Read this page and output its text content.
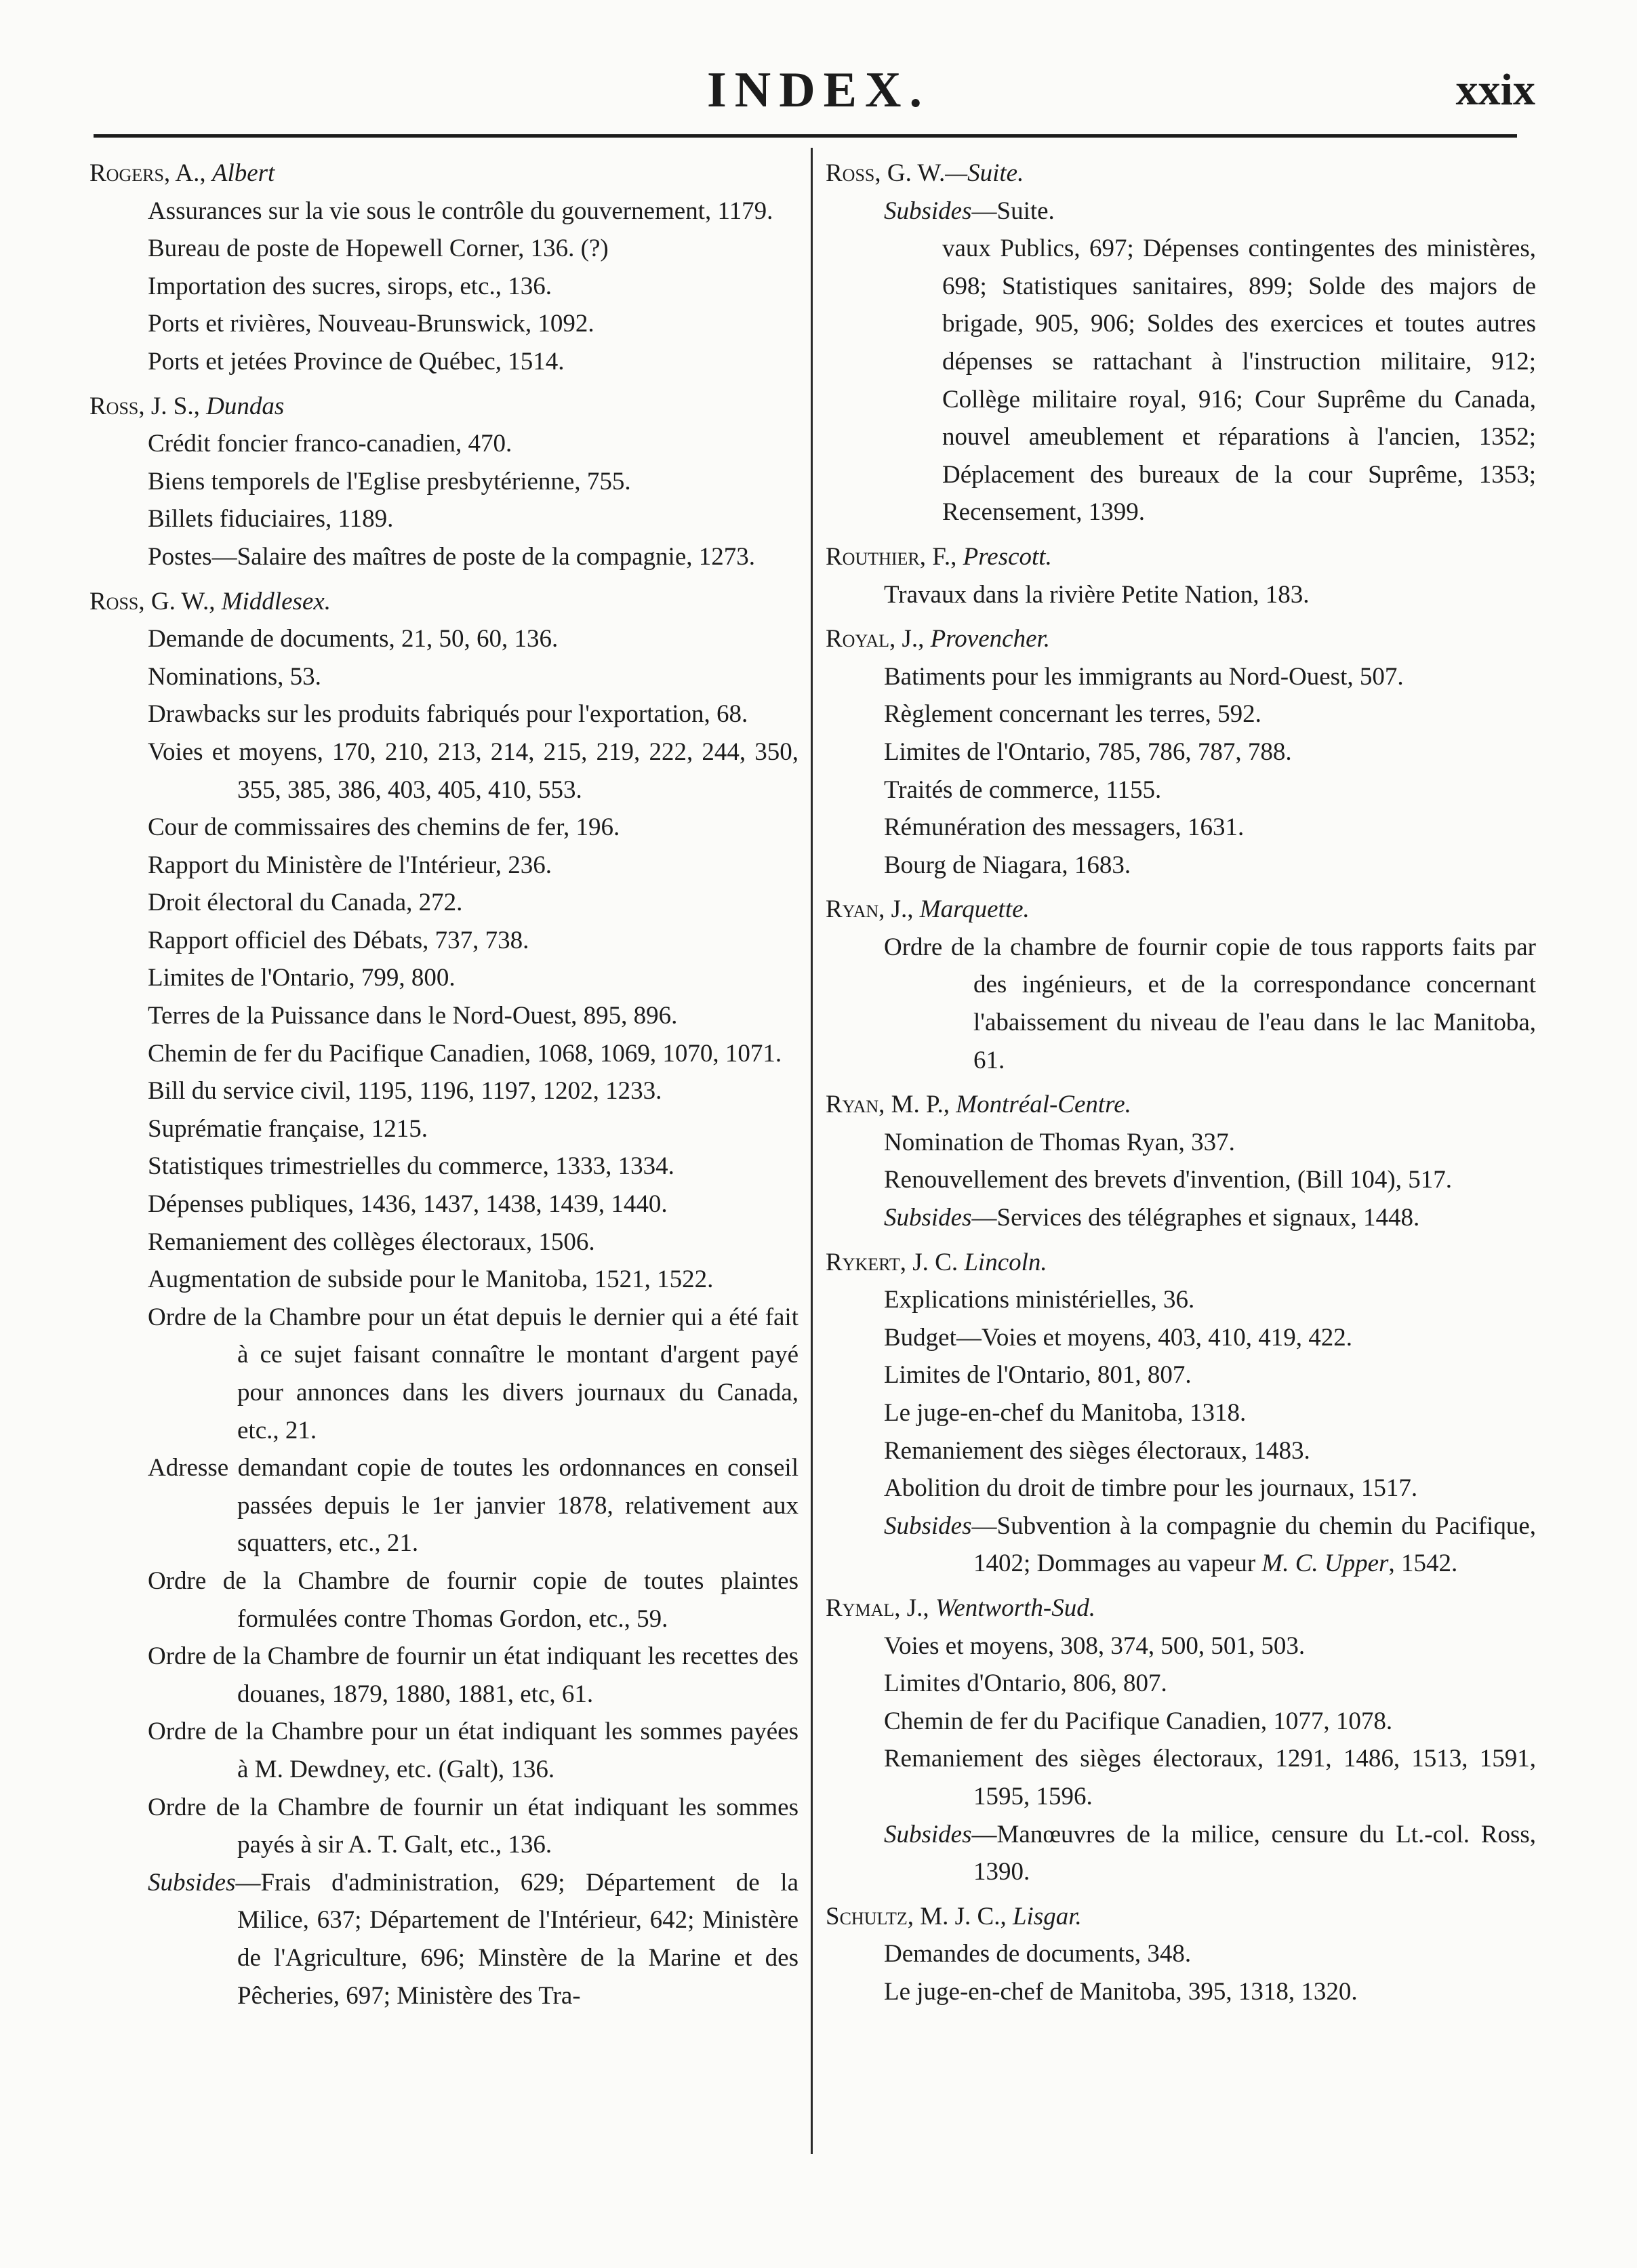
INDEX.	xxix
Rogers, A., Albert
Assurances sur la vie sous le contrôle du gouvernement, 1179.
Bureau de poste de Hopewell Corner, 136. (?)
Importation des sucres, sirops, etc., 136.
Ports et rivières, Nouveau-Brunswick, 1092.
Ports et jetées Province de Québec, 1514.
Ross, J. S., Dundas
Crédit foncier franco-canadien, 470.
Biens temporels de l'Eglise presbytérienne, 755.
Billets fiduciaires, 1189.
Postes—Salaire des maîtres de poste de la compagnie, 1273.
Ross, G. W., Middlesex.
Demande de documents, 21, 50, 60, 136.
Nominations, 53.
Drawbacks sur les produits fabriqués pour l'exportation, 68.
Voies et moyens, 170, 210, 213, 214, 215, 219, 222, 244, 350, 355, 385, 386, 403, 405, 410, 553.
Cour de commissaires des chemins de fer, 196.
Rapport du Ministère de l'Intérieur, 236.
Droit électoral du Canada, 272.
Rapport officiel des Débats, 737, 738.
Limites de l'Ontario, 799, 800.
Terres de la Puissance dans le Nord-Ouest, 895, 896.
Chemin de fer du Pacifique Canadien, 1068, 1069, 1070, 1071.
Bill du service civil, 1195, 1196, 1197, 1202, 1233.
Suprématie française, 1215.
Statistiques trimestrielles du commerce, 1333, 1334.
Dépenses publiques, 1436, 1437, 1438, 1439, 1440.
Remaniement des collèges électoraux, 1506.
Augmentation de subside pour le Manitoba, 1521, 1522.
Ordre de la Chambre pour un état depuis le dernier qui a été fait à ce sujet faisant connaître le montant d'argent payé pour annonces dans les divers journaux du Canada, etc., 21.
Adresse demandant copie de toutes les ordonnances en conseil passées depuis le 1er janvier 1878, relativement aux squatters, etc., 21.
Ordre de la Chambre de fournir copie de toutes plaintes formulées contre Thomas Gordon, etc., 59.
Ordre de la Chambre de fournir un état indiquant les recettes des douanes, 1879, 1880, 1881, etc, 61.
Ordre de la Chambre pour un état indiquant les sommes payées à M. Dewdney, etc. (Galt), 136.
Ordre de la Chambre de fournir un état indiquant les sommes payés à sir A. T. Galt, etc., 136.
Subsides—Frais d'administration, 629; Département de la Milice, 637; Département de l'Intérieur, 642; Ministère de l'Agriculture, 696; Minstère de la Marine et des Pêcheries, 697; Ministère des Tra-
Ross, G. W.—Suite.
Subsides—Suite.
vaux Publics, 697; Dépenses contingentes des ministères, 698; Statistiques sanitaires, 899; Solde des majors de brigade, 905, 906; Soldes des exercices et toutes autres dépenses se rattachant à l'instruction militaire, 912; Collège militaire royal, 916; Cour Suprême du Canada, nouvel ameublement et réparations à l'ancien, 1352; Déplacement des bureaux de la cour Suprême, 1353; Recensement, 1399.
Routhier, F., Prescott.
Travaux dans la rivière Petite Nation, 183.
Royal, J., Provencher.
Batiments pour les immigrants au Nord-Ouest, 507.
Règlement concernant les terres, 592.
Limites de l'Ontario, 785, 786, 787, 788.
Traités de commerce, 1155.
Rémunération des messagers, 1631.
Bourg de Niagara, 1683.
Ryan, J., Marquette.
Ordre de la chambre de fournir copie de tous rapports faits par des ingénieurs, et de la correspondance concernant l'abaissement du niveau de l'eau dans le lac Manitoba, 61.
Ryan, M. P., Montréal-Centre.
Nomination de Thomas Ryan, 337.
Renouvellement des brevets d'invention, (Bill 104), 517.
Subsides—Services des télégraphes et signaux, 1448.
Rykert, J. C. Lincoln.
Explications ministérielles, 36.
Budget—Voies et moyens, 403, 410, 419, 422.
Limites de l'Ontario, 801, 807.
Le juge-en-chef du Manitoba, 1318.
Remaniement des sièges électoraux, 1483.
Abolition du droit de timbre pour les journaux, 1517.
Subsides—Subvention à la compagnie du chemin du Pacifique, 1402; Dommages au vapeur M. C. Upper, 1542.
Rymal, J., Wentworth-Sud.
Voies et moyens, 308, 374, 500, 501, 503.
Limites d'Ontario, 806, 807.
Chemin de fer du Pacifique Canadien, 1077, 1078.
Remaniement des sièges électoraux, 1291, 1486, 1513, 1591, 1595, 1596.
Subsides—Manœuvres de la milice, censure du Lt.-col. Ross, 1390.
Schultz, M. J. C., Lisgar.
Demandes de documents, 348.
Le juge-en-chef de Manitoba, 395, 1318, 1320.
